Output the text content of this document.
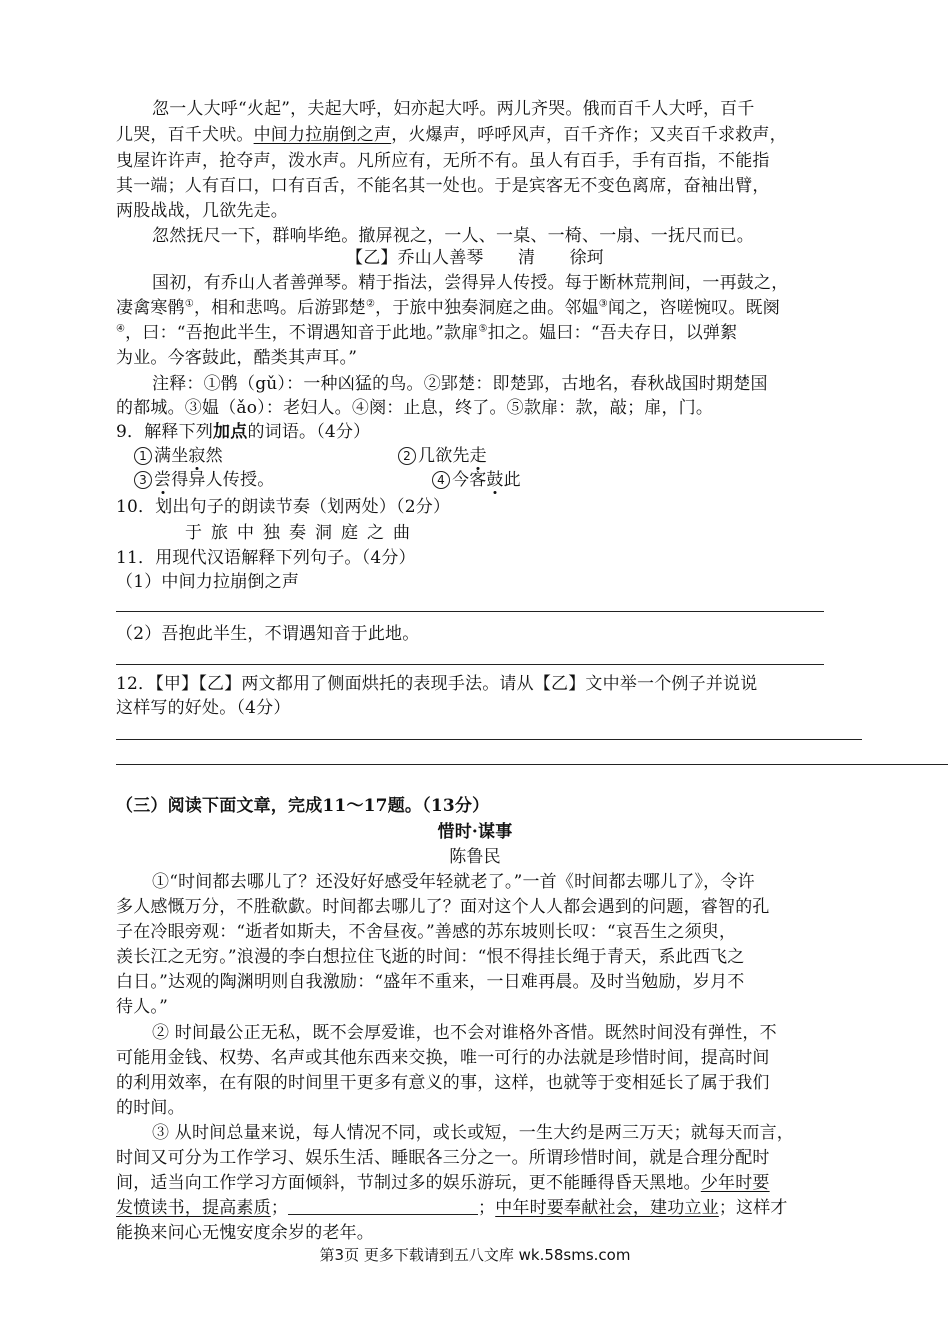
忽一人大呼“火起”，夫起大呼，妇亦起大呼。两儿齐哭。俄而百千人大呼，百千
儿哭，百千犬吠。中间力拉崩倒之声，火爆声，呼呼风声，百千齐作；又夹百千求救声，
曳屋许许声，抢夺声，泼水声。凡所应有，无所不有。虽人有百手，手有百指，不能指
其一端；人有百口，口有百舌，不能名其一处也。于是宾客无不变色离席，奋袖出臂，
两股战战，几欲先走。
忽然抚尺一下，群响毕绝。撤屏视之，一人、一桌、一椅、一扇、一抚尺而已。
【乙】乔山人善琴　　清　　徐珂
国初，有乔山人者善弹琴。精于指法，尝得异人传授。每于断林荒荆间，一再鼓之，
凄禽寒鹘①，相和悲鸣。后游郢楚②，于旅中独奏洞庭之曲。邻媪③闻之，咨嗟惋叹。既阕
④，曰：“吾抱此半生，不谓遇知音于此地。”款扉⑤扣之。媪曰：“吾夫存日，以弹絮
为业。今客鼓此，酷类其声耳。”
注释：①鹘（gǔ）：一种凶猛的鸟。②郢楚：即楚郢，古地名，春秋战国时期楚国
的都城。③媪（ǎo）：老妇人。④阕：止息，终了。⑤款扉：款，敲；扉，门。
9．解释下列加点的词语。（4分）
1 满坐寂然	2 几欲先走
3 尝得异人传授。	4 今客鼓此
10．划出句子的朗读节奏（划两处）（2分）
于旅中独奏洞庭之曲
11．用现代汉语解释下列句子。（4分）
（1）中间力拉崩倒之声
（2）吾抱此半生，不谓遇知音于此地。
12．【甲】【乙】两文都用了侧面烘托的表现手法。请从【乙】文中举一个例子并说说
这样写的好处。（4分）
（三）阅读下面文章，完成11～17题。（13分）
惜时·谋事
陈鲁民
①“时间都去哪儿了？还没好好感受年轻就老了。”一首《时间都去哪儿了》，令许
多人感慨万分，不胜欷歔。时间都去哪儿了？面对这个人人都会遇到的问题，睿智的孔
子在冷眼旁观：“逝者如斯夫，不舍昼夜。”善感的苏东坡则长叹：“哀吾生之须臾，
羡长江之无穷。”浪漫的李白想拉住飞逝的时间：“恨不得挂长绳于青天，系此西飞之
白日。”达观的陶渊明则自我激励：“盛年不重来，一日难再晨。及时当勉励，岁月不
待人。”
② 时间最公正无私，既不会厚爱谁，也不会对谁格外吝惜。既然时间没有弹性，不
可能用金钱、权势、名声或其他东西来交换，唯一可行的办法就是珍惜时间，提高时间
的利用效率，在有限的时间里干更多有意义的事，这样，也就等于变相延长了属于我们
的时间。
③ 从时间总量来说，每人情况不同，或长或短，一生大约是两三万天；就每天而言，
时间又可分为工作学习、娱乐生活、睡眠各三分之一。所谓珍惜时间，就是合理分配时
间，适当向工作学习方面倾斜，节制过多的娱乐游玩，更不能睡得昏天黑地。少年时要
发愤读书，提高素质；	；中年时要奉献社会，建功立业；这样才
能换来问心无愧安度余岁的老年。
第3页 更多下载请到五八文库 wk.58sms.com
